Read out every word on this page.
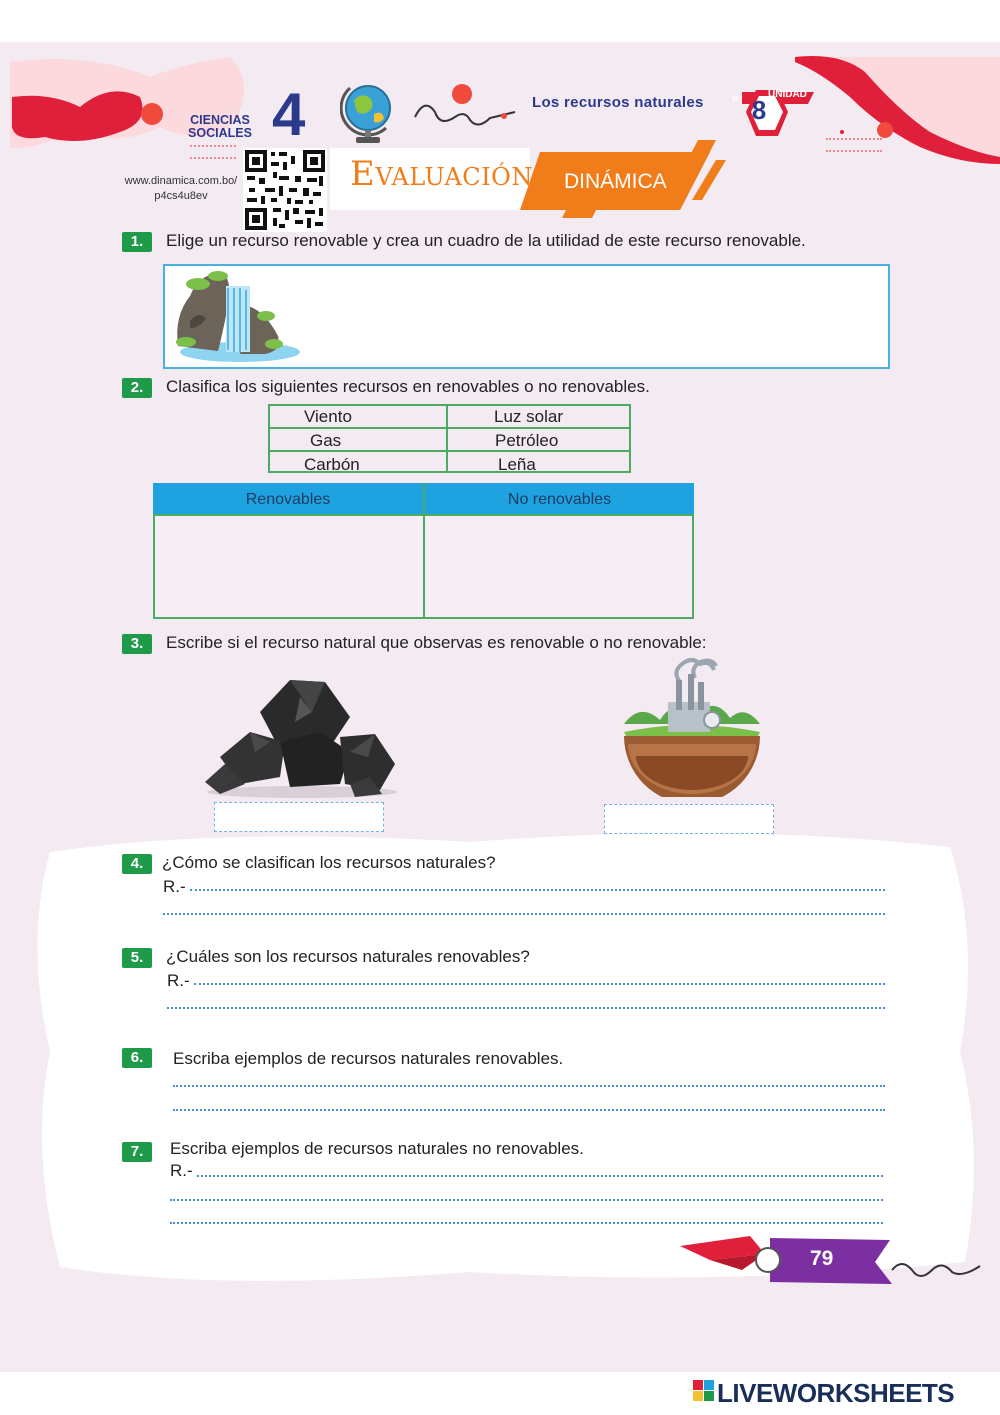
CIENCIAS
SOCIALES 4	Los recursos naturales »	UNIDAD
8
www.dinamica.com.bo/
p4cs4u8ev
Evaluación DINÁMICA
1.	Elige un recurso renovable y crea un cuadro de la utilidad de este recurso renovable.
2.	Clasifica los siguientes recursos en renovables o no renovables.
Viento	Luz solar
Gas	Petróleo
Carbón	Leña
Renovables	No renovables
3.	Escribe si el recurso natural que observas es renovable o no renovable:
4.	¿Cómo se clasifican los recursos naturales?
R.-
5.	¿Cuáles son los recursos naturales renovables?
R.-
6.	Escriba ejemplos de recursos naturales renovables.
7.	Escriba ejemplos de recursos naturales no renovables.
R.-
79
LIVEWORKSHEETS
